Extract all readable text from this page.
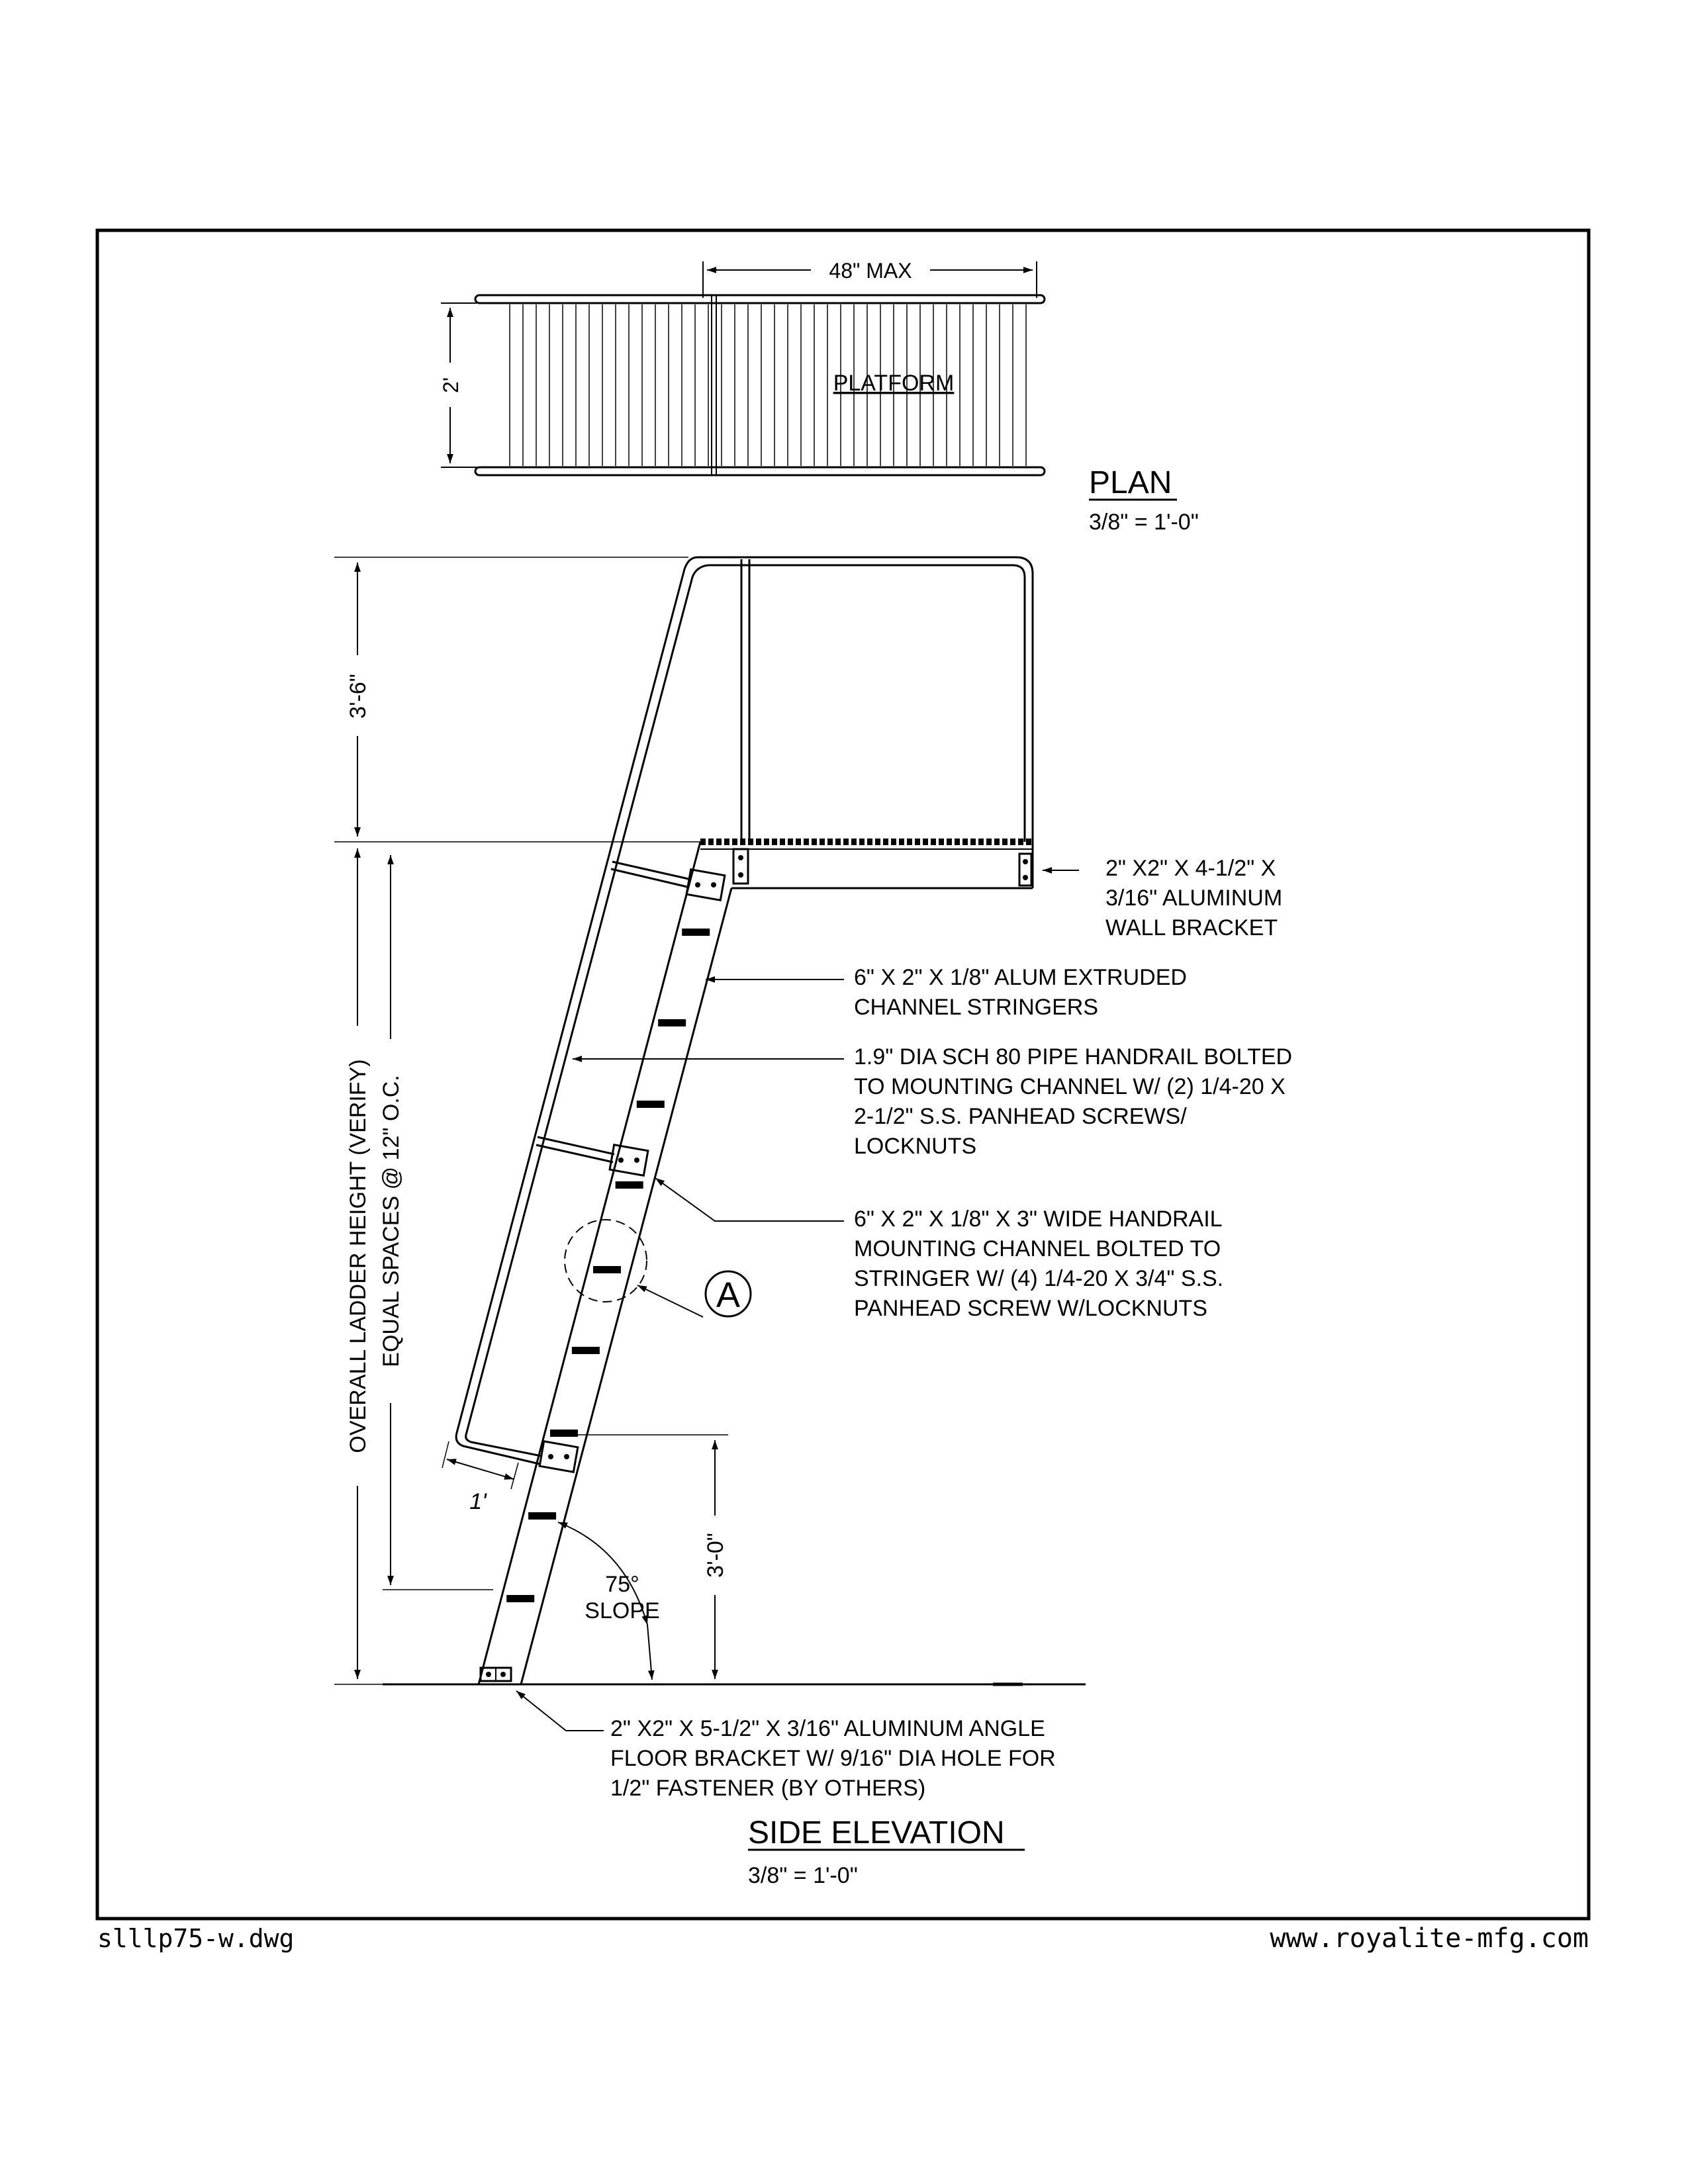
PLATFORM
48" MAX
2'
PLAN
3/8" = 1'-0"
A
3'-6"
OVERALL LADDER HEIGHT (VERIFY) EQUAL SPACES @ 12" O.C.
3'-0"
1'
75°
SLOPE
2" X2" X 4-1/2" X 3/16" ALUMINUM WALL BRACKET
6" X 2" X 1/8" ALUM EXTRUDED CHANNEL STRINGERS
1.9" DIA SCH 80 PIPE HANDRAIL BOLTED TO MOUNTING CHANNEL W/ (2) 1/4-20 X 2-1/2" S.S. PANHEAD SCREWS/ LOCKNUTS
6" X 2" X 1/8" X 3" WIDE HANDRAIL MOUNTING CHANNEL BOLTED TO STRINGER W/ (4) 1/4-20 X 3/4" S.S. PANHEAD SCREW W/LOCKNUTS
2" X2" X 5-1/2" X 3/16" ALUMINUM ANGLE FLOOR BRACKET W/ 9/16" DIA HOLE FOR 1/2" FASTENER (BY OTHERS)
SIDE ELEVATION
3/8" = 1'-0"
slllp75-w.dwg	www.royalite-mfg.com
